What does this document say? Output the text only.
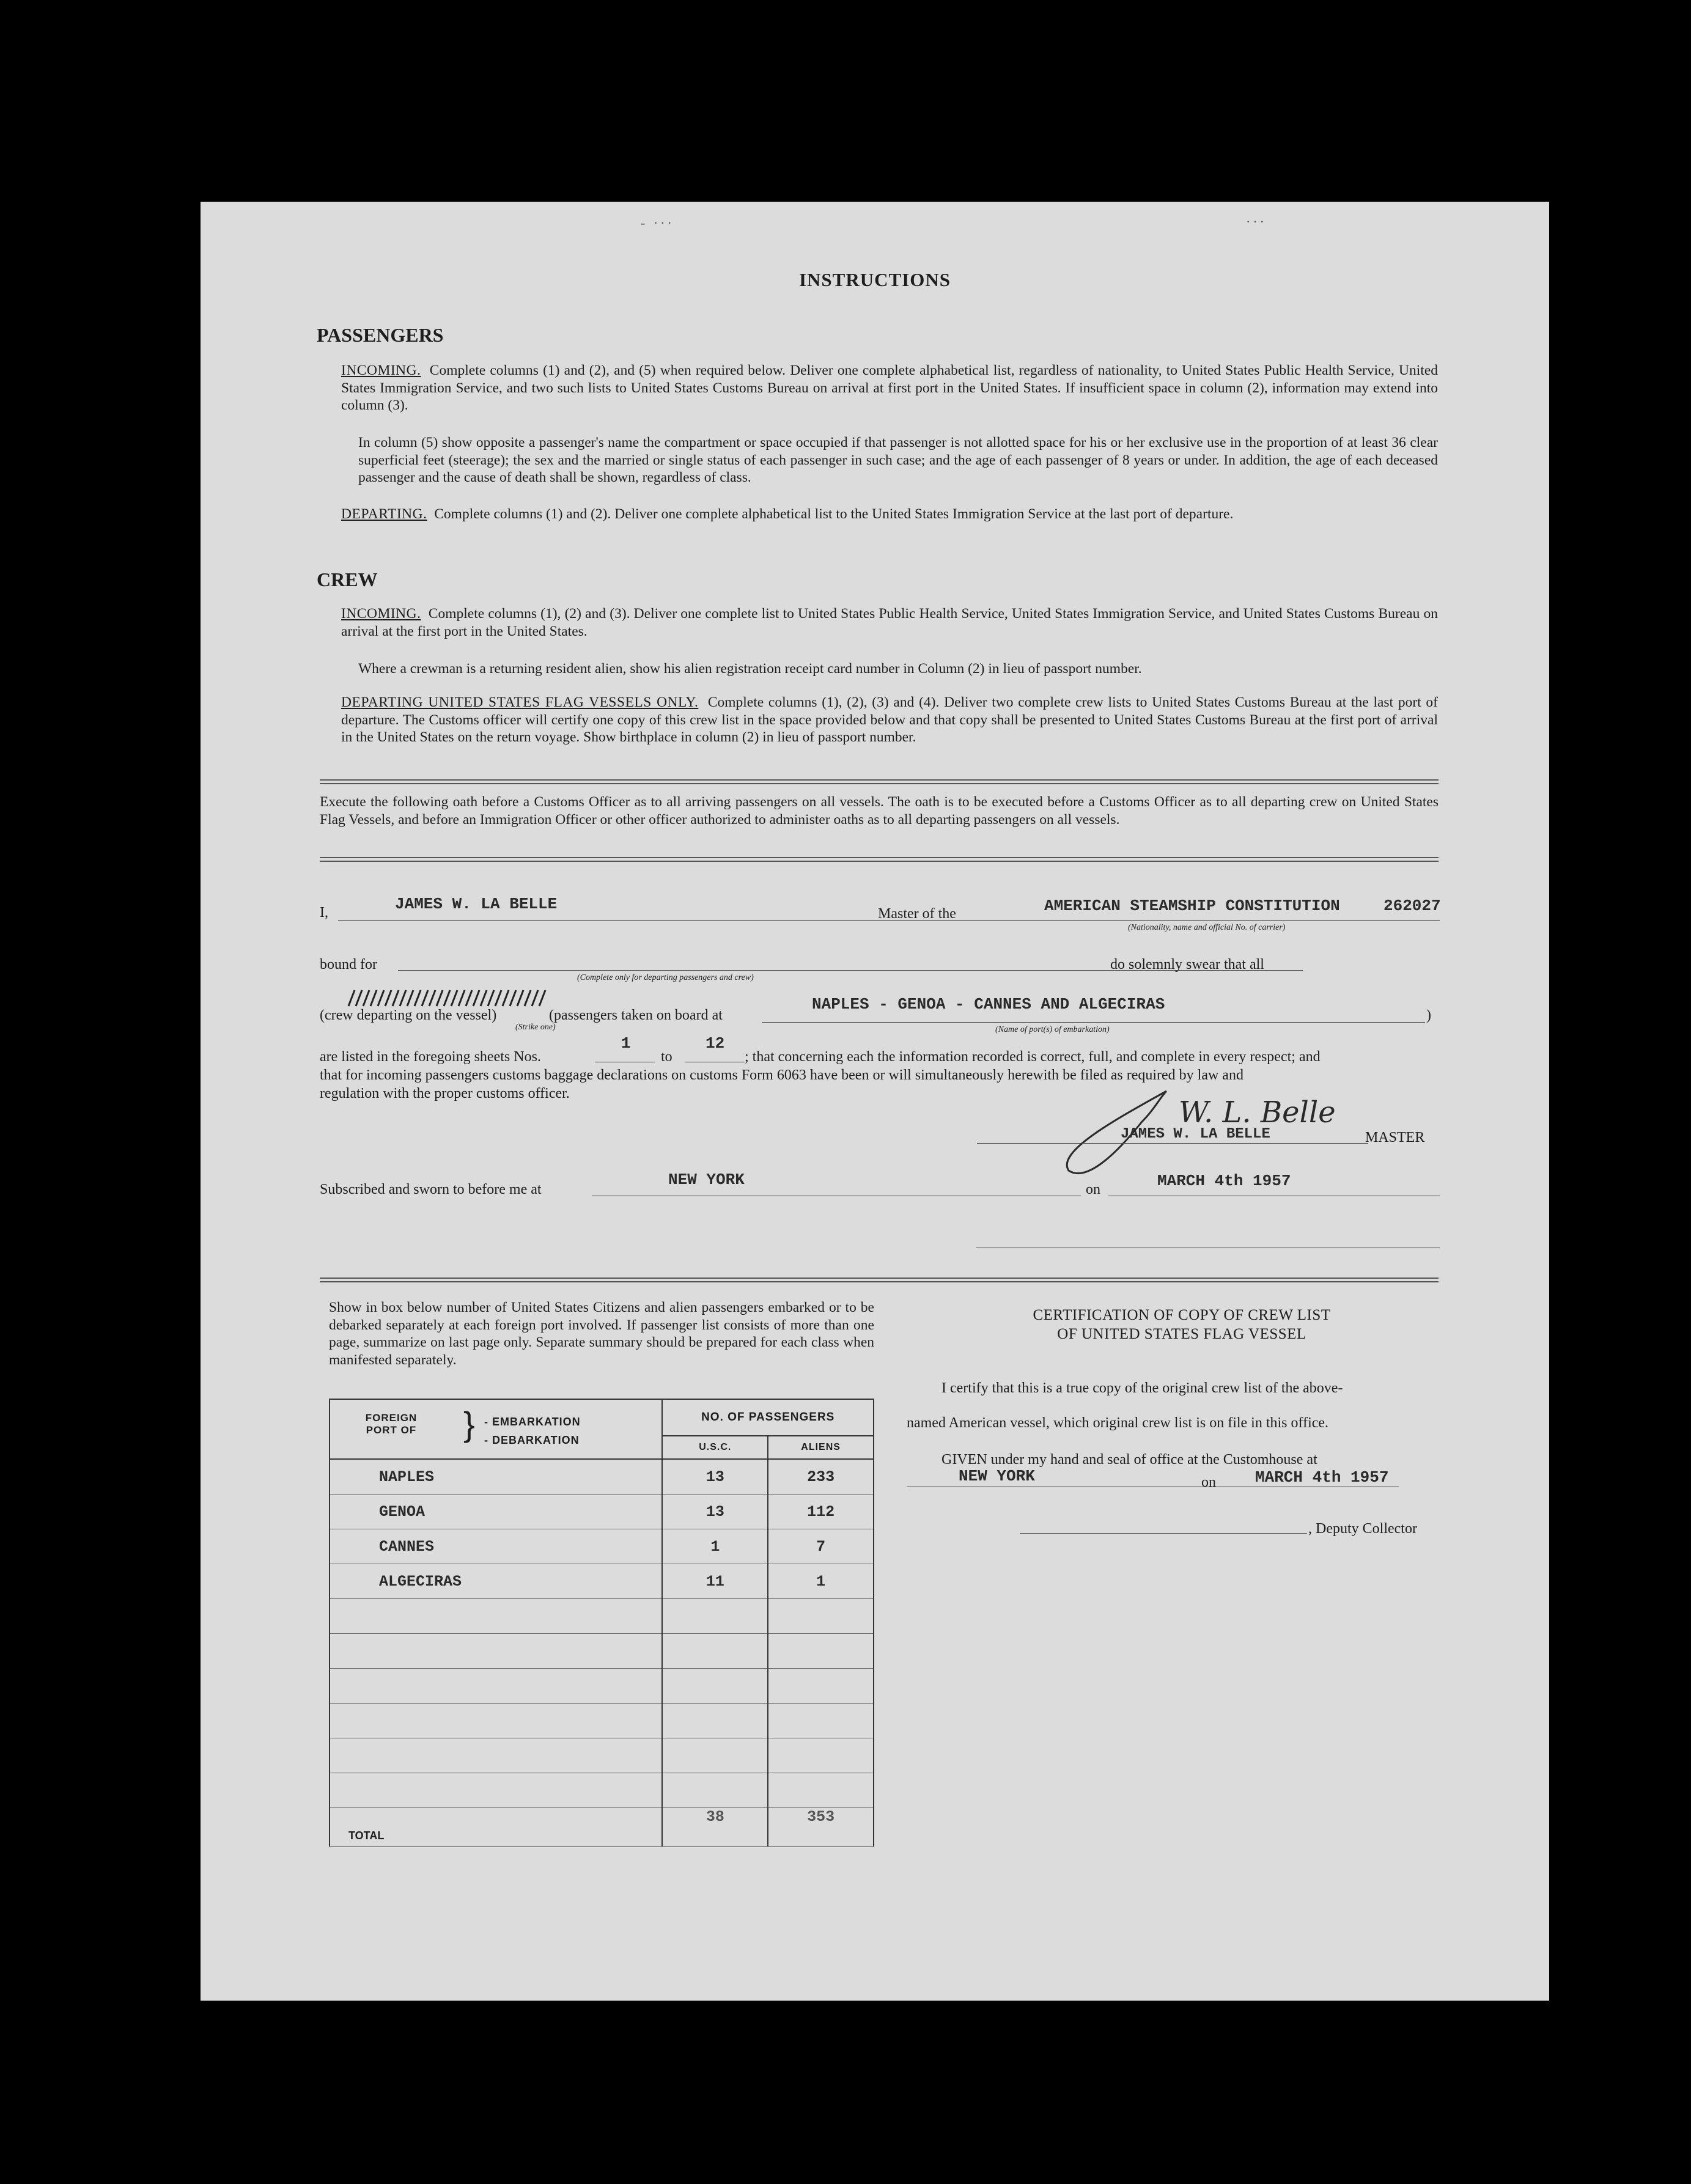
‐ ···	···
INSTRUCTIONS
PASSENGERS
INCOMING. Complete columns (1) and (2), and (5) when required below. Deliver one complete alphabetical list, regardless of nationality, to United States Public Health Service, United States Immigration Service, and two such lists to United States Customs Bureau on arrival at first port in the United States. If insufficient space in column (2), information may extend into column (3).
In column (5) show opposite a passenger's name the compartment or space occupied if that passenger is not allotted space for his or her exclusive use in the proportion of at least 36 clear superficial feet (steerage); the sex and the married or single status of each passenger in such case; and the age of each passenger of 8 years or under. In addition, the age of each deceased passenger and the cause of death shall be shown, regardless of class.
DEPARTING. Complete columns (1) and (2). Deliver one complete alphabetical list to the United States Immigration Service at the last port of departure.
CREW
INCOMING. Complete columns (1), (2) and (3). Deliver one complete list to United States Public Health Service, United States Immigration Service, and United States Customs Bureau on arrival at the first port in the United States.
Where a crewman is a returning resident alien, show his alien registration receipt card number in Column (2) in lieu of passport number.
DEPARTING UNITED STATES FLAG VESSELS ONLY. Complete columns (1), (2), (3) and (4). Deliver two complete crew lists to United States Customs Bureau at the last port of departure. The Customs officer will certify one copy of this crew list in the space provided below and that copy shall be presented to United States Customs Bureau at the first port of arrival in the United States on the return voyage. Show birthplace in column (2) in lieu of passport number.
Execute the following oath before a Customs Officer as to all arriving passengers on all vessels. The oath is to be executed before a Customs Officer as to all departing crew on United States Flag Vessels, and before an Immigration Officer or other officer authorized to administer oaths as to all departing passengers on all vessels.
I,	JAMES W. LA BELLE
Master of the	AMERICAN STEAMSHIP CONSTITUTION	262027
(Nationality, name and official No. of carrier)
bound for
(Complete only for departing passengers and crew)
do solemnly swear that all
(crew departing on the vessel)
(Strike one)
(passengers taken on board at
NAPLES - GENOA - CANNES AND ALGECIRAS
(Name of port(s) of embarkation)
)
1	12
are listed in the foregoing sheets Nos.	to	; that concerning each the information recorded is correct, full, and complete in every respect; and
that for incoming passengers customs baggage declarations on customs Form 6063 have been or will simultaneously herewith be filed as required by law and
regulation with the proper customs officer.
W. L. Belle
JAMES W. LA BELLE	MASTER
Subscribed and sworn to before me at
NEW YORK
on	MARCH 4th 1957
Show in box below number of United States Citizens and alien passengers embarked or to be debarked separately at each foreign port involved. If passenger list consists of more than one page, summarize on last page only. Separate summary should be prepared for each class when manifested separately.
FOREIGN PORT OF } - EMBARKATION
- DEBARKATION	NO. OF PASSENGERS	
	U.S.C.	ALIENS
NAPLES	13	233
GENOA	13	112
CANNES	1	7
ALGECIRAS	11	1

TOTAL	38	353
CERTIFICATION OF COPY OF CREW LIST
OF UNITED STATES FLAG VESSEL
I certify that this is a true copy of the original crew list of the above-
named American vessel, which original crew list is on file in this office.
GIVEN under my hand and seal of office at the Customhouse at
NEW YORK	on MARCH 4th 1957
, Deputy Collector
